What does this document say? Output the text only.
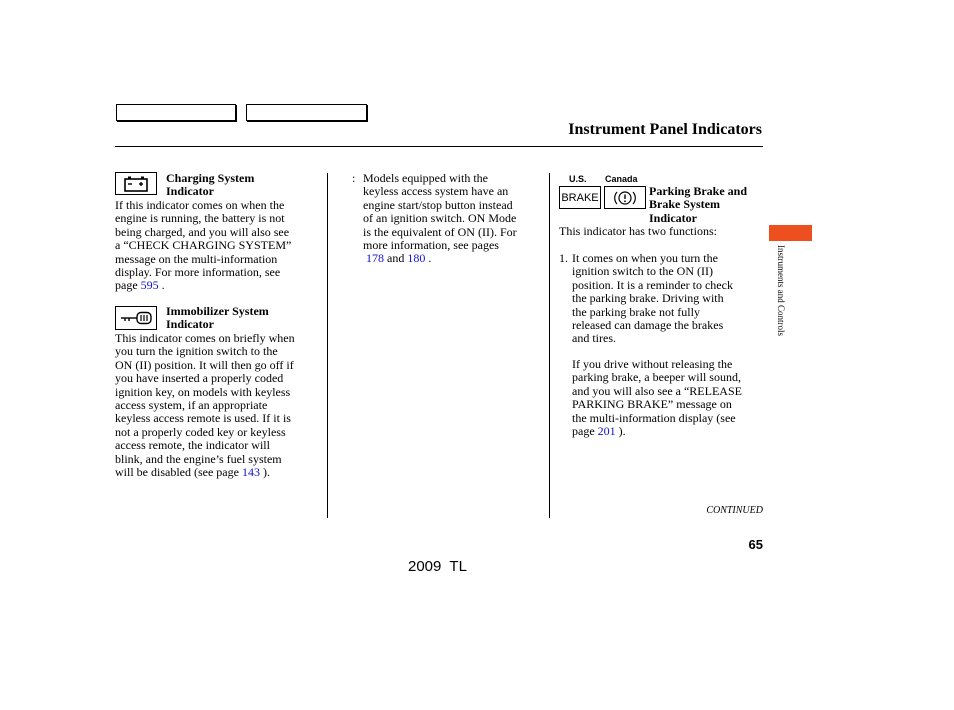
Instrument Panel Indicators
Instruments and Controls
Charging System
Indicator
If this indicator comes on when the
engine is running, the battery is not
being charged, and you will also see
a “CHECK CHARGING SYSTEM”
message on the multi-information
display. For more information, see
page 595 .
Immobilizer System
Indicator
This indicator comes on briefly when
you turn the ignition switch to the
ON (II) position. It will then go off if
you have inserted a properly coded
ignition key, on models with keyless
access system, if an appropriate
keyless access remote is used. If it is
not a properly coded key or keyless
access remote, the indicator will
blink, and the engine’s fuel system
will be disabled (see page 143 ).
: Models equipped with the
keyless access system have an
engine start/stop button instead
of an ignition switch. ON Mode
is the equivalent of ON (II). For
more information, see pages
178 and 180 .
U.S. Canada
BRAKE	Parking Brake and
Brake System
Indicator
This indicator has two functions:
1. It comes on when you turn the
ignition switch to the ON (II)
position. It is a reminder to check
the parking brake. Driving with
the parking brake not fully
released can damage the brakes
and tires.
If you drive without releasing the
parking brake, a beeper will sound,
and you will also see a “RELEASE
PARKING BRAKE” message on
the multi-information display (see
page 201 ).
CONTINUED
65
2009  TL
